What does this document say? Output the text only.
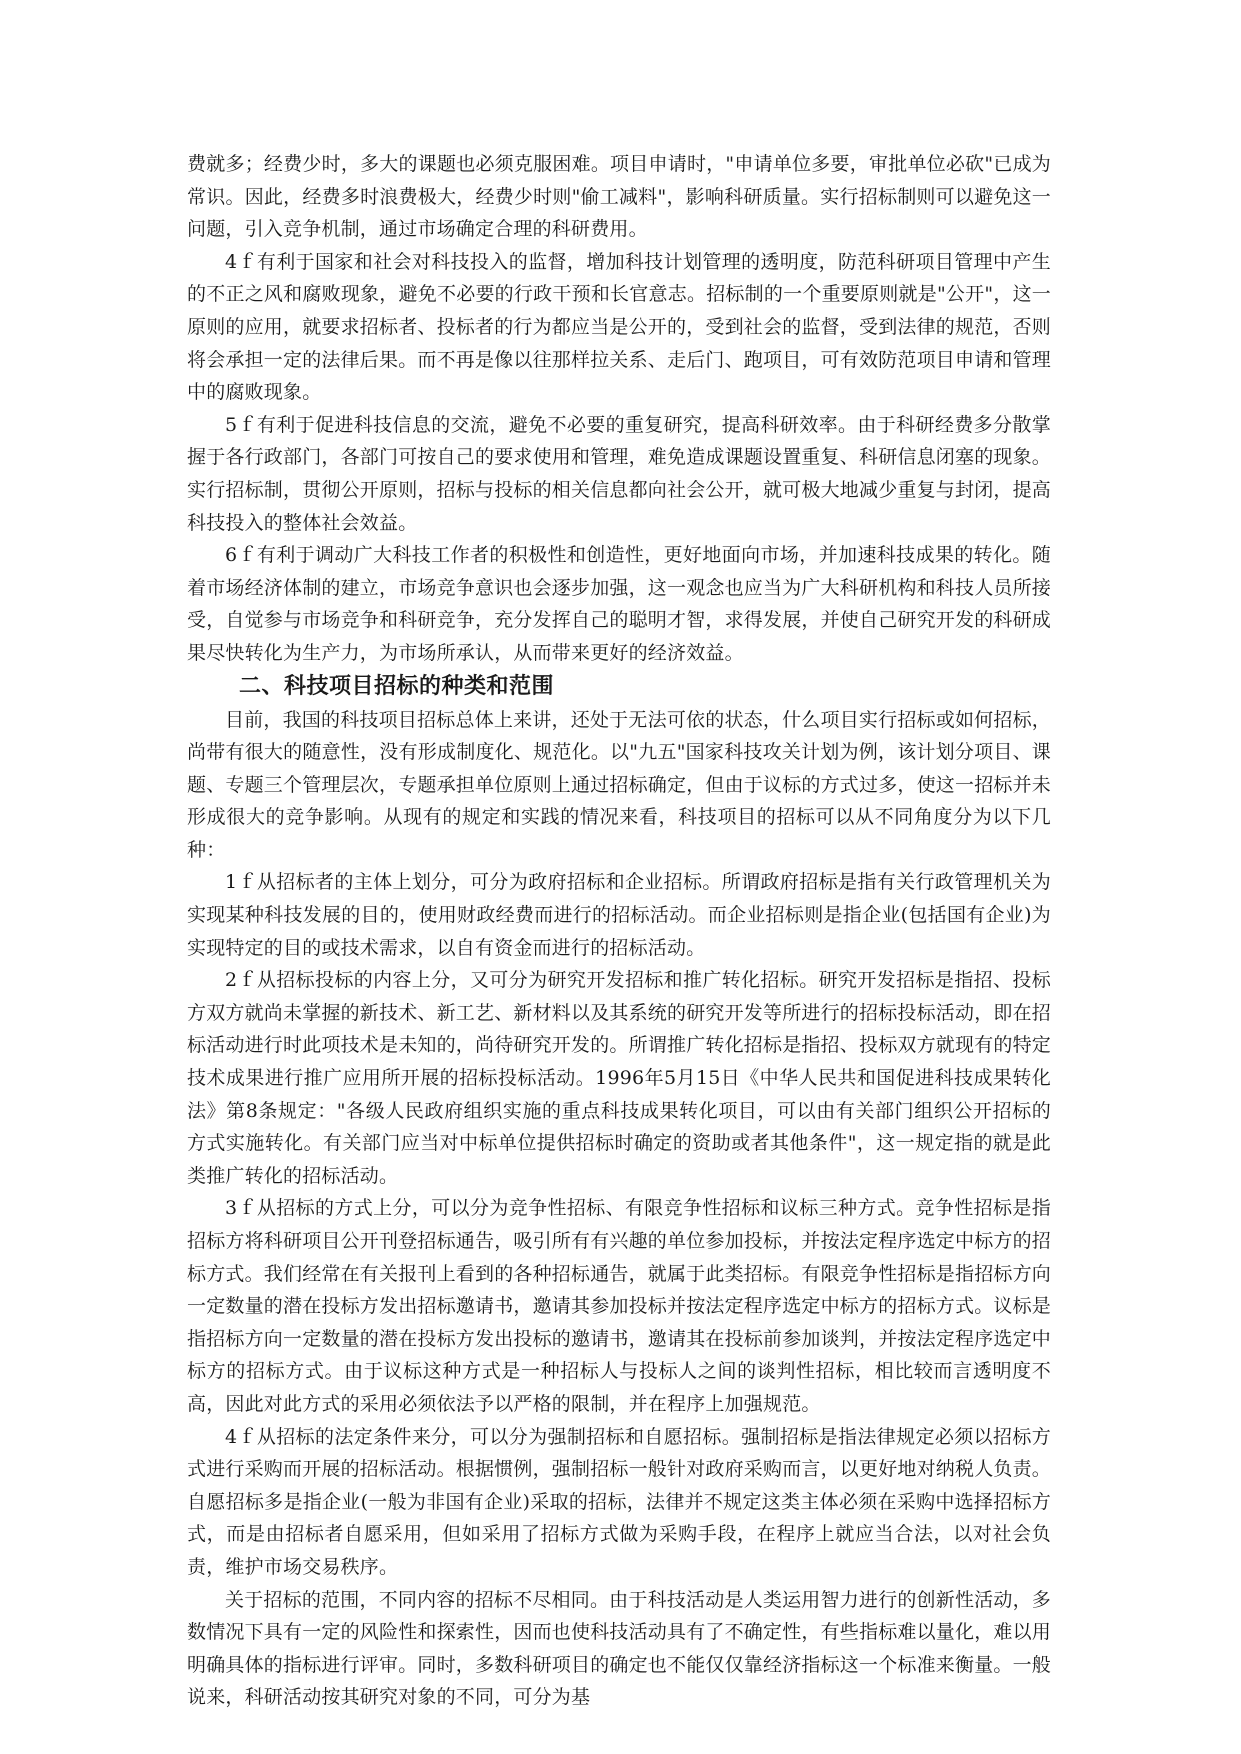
费就多；经费少时，多大的课题也必须克服困难。项目申请时，"申请单位多要，审批单位必砍"已成为常识。因此，经费多时浪费极大，经费少时则"偷工减料"，影响科研质量。实行招标制则可以避免这一问题，引入竞争机制，通过市场确定合理的科研费用。

4ｆ有利于国家和社会对科技投入的监督，增加科技计划管理的透明度，防范科研项目管理中产生的不正之风和腐败现象，避免不必要的行政干预和长官意志。招标制的一个重要原则就是"公开"，这一原则的应用，就要求招标者、投标者的行为都应当是公开的，受到社会的监督，受到法律的规范，否则将会承担一定的法律后果。而不再是像以往那样拉关系、走后门、跑项目，可有效防范项目申请和管理中的腐败现象。

5ｆ有利于促进科技信息的交流，避免不必要的重复研究，提高科研效率。由于科研经费多分散掌握于各行政部门，各部门可按自己的要求使用和管理，难免造成课题设置重复、科研信息闭塞的现象。实行招标制，贯彻公开原则，招标与投标的相关信息都向社会公开，就可极大地减少重复与封闭，提高科技投入的整体社会效益。

6ｆ有利于调动广大科技工作者的积极性和创造性，更好地面向市场，并加速科技成果的转化。随着市场经济体制的建立，市场竞争意识也会逐步加强，这一观念也应当为广大科研机构和科技人员所接受，自觉参与市场竞争和科研竞争，充分发挥自己的聪明才智，求得发展，并使自己研究开发的科研成果尽快转化为生产力，为市场所承认，从而带来更好的经济效益。

二、科技项目招标的种类和范围

目前，我国的科技项目招标总体上来讲，还处于无法可依的状态，什么项目实行招标或如何招标，尚带有很大的随意性，没有形成制度化、规范化。以"九五"国家科技攻关计划为例，该计划分项目、课题、专题三个管理层次，专题承担单位原则上通过招标确定，但由于议标的方式过多，使这一招标并未形成很大的竞争影响。从现有的规定和实践的情况来看，科技项目的招标可以从不同角度分为以下几种：

1ｆ从招标者的主体上划分，可分为政府招标和企业招标。所谓政府招标是指有关行政管理机关为实现某种科技发展的目的，使用财政经费而进行的招标活动。而企业招标则是指企业(包括国有企业)为实现特定的目的或技术需求，以自有资金而进行的招标活动。

2ｆ从招标投标的内容上分，又可分为研究开发招标和推广转化招标。研究开发招标是指招、投标方双方就尚未掌握的新技术、新工艺、新材料以及其系统的研究开发等所进行的招标投标活动，即在招标活动进行时此项技术是未知的，尚待研究开发的。所谓推广转化招标是指招、投标双方就现有的特定技术成果进行推广应用所开展的招标投标活动。1996年5月15日《中华人民共和国促进科技成果转化法》第8条规定："各级人民政府组织实施的重点科技成果转化项目，可以由有关部门组织公开招标的方式实施转化。有关部门应当对中标单位提供招标时确定的资助或者其他条件"，这一规定指的就是此类推广转化的招标活动。

3ｆ从招标的方式上分，可以分为竞争性招标、有限竞争性招标和议标三种方式。竞争性招标是指招标方将科研项目公开刊登招标通告，吸引所有有兴趣的单位参加投标，并按法定程序选定中标方的招标方式。我们经常在有关报刊上看到的各种招标通告，就属于此类招标。有限竞争性招标是指招标方向一定数量的潜在投标方发出招标邀请书，邀请其参加投标并按法定程序选定中标方的招标方式。议标是指招标方向一定数量的潜在投标方发出投标的邀请书，邀请其在投标前参加谈判，并按法定程序选定中标方的招标方式。由于议标这种方式是一种招标人与投标人之间的谈判性招标，相比较而言透明度不高，因此对此方式的采用必须依法予以严格的限制，并在程序上加强规范。

4ｆ从招标的法定条件来分，可以分为强制招标和自愿招标。强制招标是指法律规定必须以招标方式进行采购而开展的招标活动。根据惯例，强制招标一般针对政府采购而言，以更好地对纳税人负责。自愿招标多是指企业(一般为非国有企业)采取的招标，法律并不规定这类主体必须在采购中选择招标方式，而是由招标者自愿采用，但如采用了招标方式做为采购手段，在程序上就应当合法，以对社会负责，维护市场交易秩序。

关于招标的范围，不同内容的招标不尽相同。由于科技活动是人类运用智力进行的创新性活动，多数情况下具有一定的风险性和探索性，因而也使科技活动具有了不确定性，有些指标难以量化，难以用明确具体的指标进行评审。同时，多数科研项目的确定也不能仅仅靠经济指标这一个标准来衡量。一般说来，科研活动按其研究对象的不同，可分为基
